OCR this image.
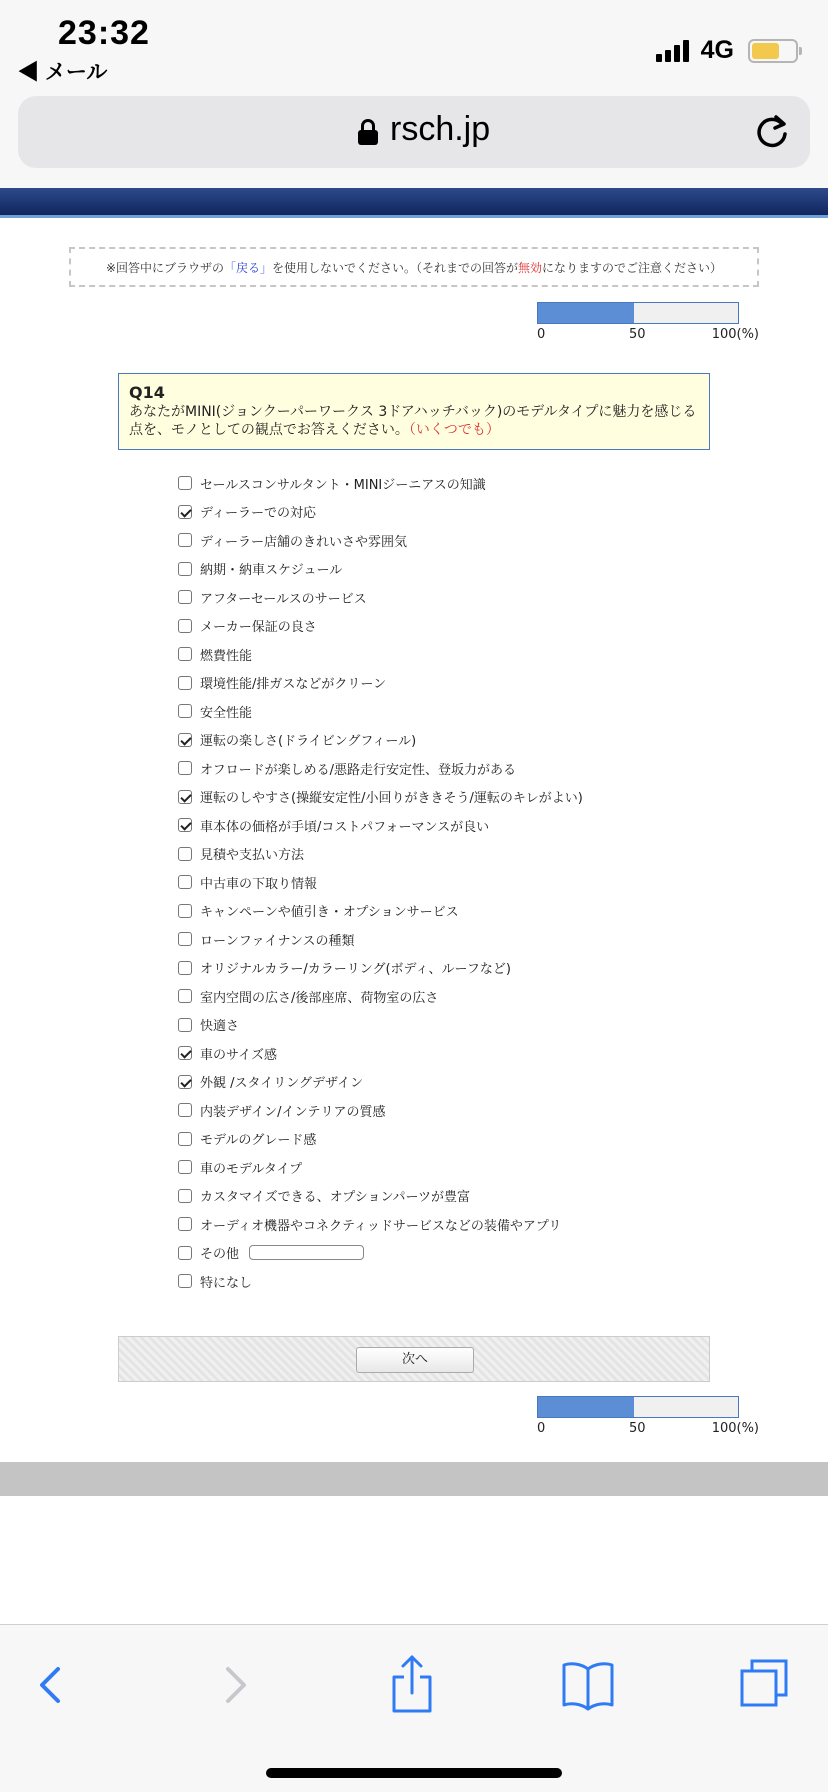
23:32
◀ メール
4G
rsch.jp
※回答中にブラウザの 「戻る」 を使用しないでください。（それまでの回答が 無効 になりますのでご注意ください）
0	50	100(%)
Q14
あなたがMINI(ジョンクーパーワークス 3ドアハッチバック)のモデルタイプに魅力を感じる点を、モノとしての観点でお答えください。（いくつでも）
セールスコンサルタント・MINIジーニアスの知識
ディーラーでの対応
ディーラー店舗のきれいさや雰囲気
納期・納車スケジュール
アフターセールスのサービス
メーカー保証の良さ
燃費性能
環境性能/排ガスなどがクリーン
安全性能
運転の楽しさ(ドライビングフィール)
オフロードが楽しめる/悪路走行安定性、登坂力がある
運転のしやすさ(操縦安定性/小回りがききそう/運転のキレがよい)
車本体の価格が手頃/コストパフォーマンスが良い
見積や支払い方法
中古車の下取り情報
キャンペーンや値引き・オプションサービス
ローンファイナンスの種類
オリジナルカラー/カラーリング(ボディ、ルーフなど)
室内空間の広さ/後部座席、荷物室の広さ
快適さ
車のサイズ感
外観 /スタイリングデザイン
内装デザイン/インテリアの質感
モデルのグレード感
車のモデルタイプ
カスタマイズできる、オプションパーツが豊富
オーディオ機器やコネクティッドサービスなどの装備やアプリ
その他
特になし
次へ
0	50	100(%)
